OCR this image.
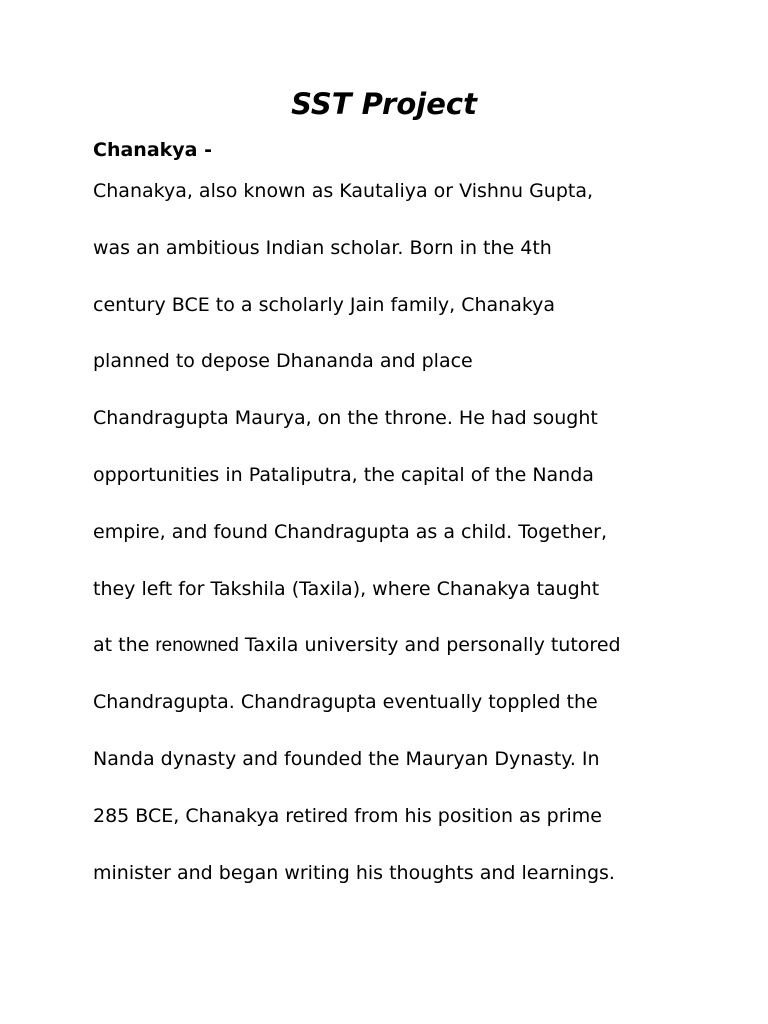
SST Project
Chanakya -
Chanakya, also known as Kautaliya or Vishnu Gupta,
was an ambitious Indian scholar. Born in the 4th
century BCE to a scholarly Jain family, Chanakya
planned to depose Dhananda and place
Chandragupta Maurya, on the throne. He had sought
opportunities in Pataliputra, the capital of the Nanda
empire, and found Chandragupta as a child. Together,
they left for Takshila (Taxila), where Chanakya taught
at the renowned Taxila university and personally tutored
Chandragupta. Chandragupta eventually toppled the
Nanda dynasty and founded the Mauryan Dynasty. In
285 BCE, Chanakya retired from his position as prime
minister and began writing his thoughts and learnings.
